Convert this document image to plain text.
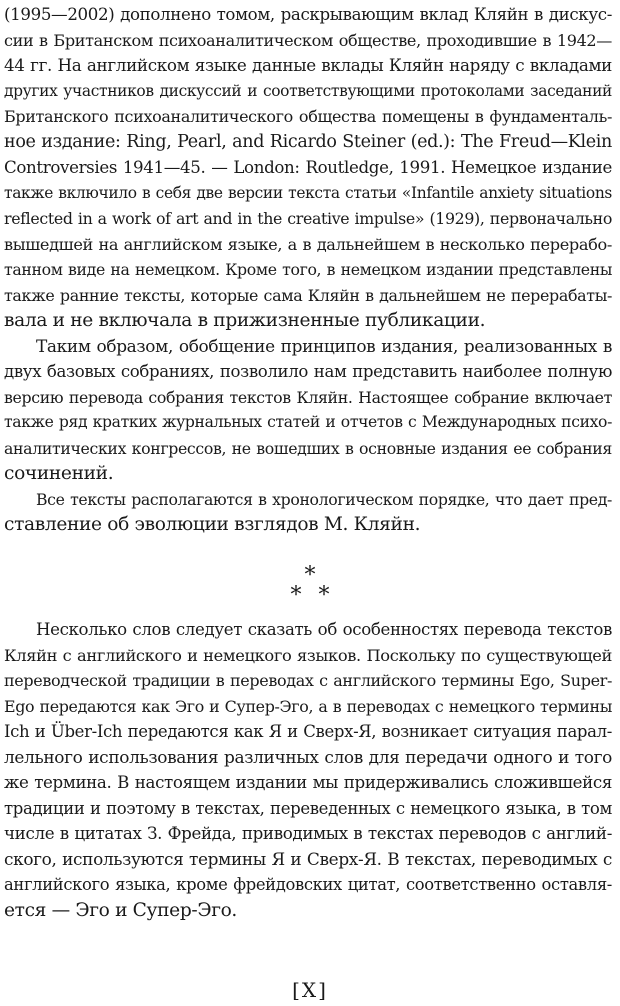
(1995—2002) дополнено томом, раскрывающим вклад Кляйн в дискус-
сии в Британском психоаналитическом обществе, проходившие в 1942—
44 гг. На английском языке данные вклады Кляйн наряду с вкладами
других участников дискуссий и соответствующими протоколами заседаний
Британского психоаналитического общества помещены в фундаменталь-
ное издание: Ring, Pearl, and Ricardo Steiner (ed.): The Freud—Klein
Controversies 1941—45. — London: Routledge, 1991. Немецкое издание
также включило в себя две версии текста статьи «Infantile anxiety situations
reflected in a work of art and in the creative impulse» (1929), первоначально
вышедшей на английском языке, а в дальнейшем в несколько перерабо-
танном виде на немецком. Кроме того, в немецком издании представлены
также ранние тексты, которые сама Кляйн в дальнейшем не перерабаты-
вала и не включала в прижизненные публикации.
Таким образом, обобщение принципов издания, реализованных в
двух базовых собраниях, позволило нам представить наиболее полную
версию перевода собрания текстов Кляйн. Настоящее собрание включает
также ряд кратких журнальных статей и отчетов с Международных психо-
аналитических конгрессов, не вошедших в основные издания ее собрания
сочинений.
Все тексты располагаются в хронологическом порядке, что дает пред-
ставление об эволюции взглядов М. Кляйн.
*
* *
Несколько слов следует сказать об особенностях перевода текстов
Кляйн с английского и немецкого языков. Поскольку по существующей
переводческой традиции в переводах с английского термины Ego, Super-
Ego передаются как Эго и Супер-Эго, а в переводах с немецкого термины
Ich и Über-Ich передаются как Я и Сверх-Я, возникает ситуация парал-
лельного использования различных слов для передачи одного и того
же термина. В настоящем издании мы придерживались сложившейся
традиции и поэтому в текстах, переведенных с немецкого языка, в том
числе в цитатах З. Фрейда, приводимых в текстах переводов с англий-
ского, используются термины Я и Сверх-Я. В текстах, переводимых с
английского языка, кроме фрейдовских цитат, соответственно оставля-
ется — Эго и Супер-Эго.
[X]
